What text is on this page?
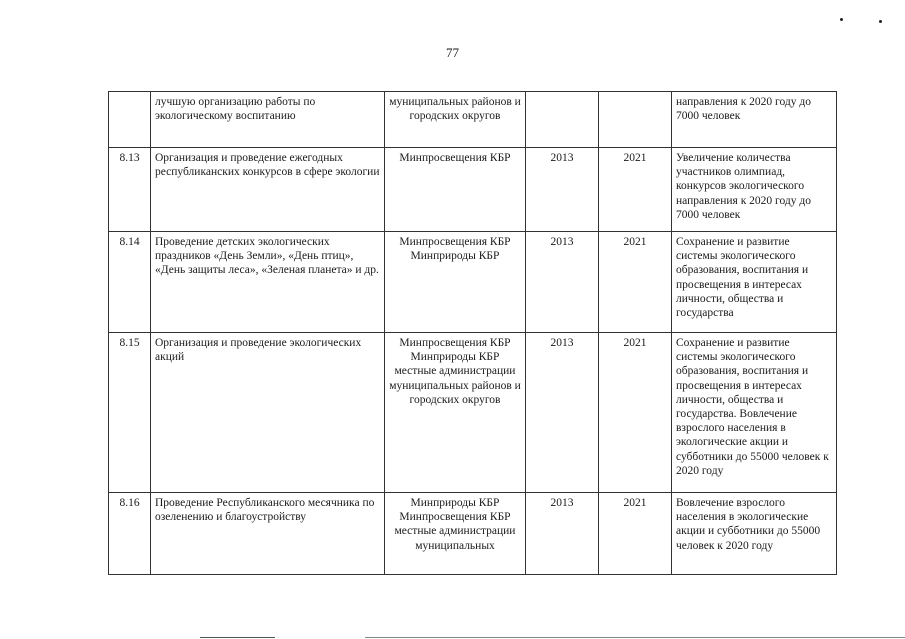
77
	лучшую организацию работы по экологическому воспитанию	муниципальных районов и городских округов			направления к 2020 году до 7000 человек
8.13	Организация и проведение ежегодных республиканских конкурсов в сфере экологии	Минпросвещения КБР	2013	2021	Увеличение количества участников олимпиад, конкурсов экологического направления к 2020 году до 7000 человек
8.14	Проведение детских экологических праздников «День Земли», «День птиц», «День защиты леса», «Зеленая планета» и др.	Минпросвещения КБР Минприроды КБР	2013	2021	Сохранение и развитие системы экологического образования, воспитания и просвещения в интересах личности, общества и государства
8.15	Организация и проведение экологических акций	Минпросвещения КБР Минприроды КБР местные администрации муниципальных районов и городских округов	2013	2021	Сохранение и развитие системы экологического образования, воспитания и просвещения в интересах личности, общества и государства. Вовлечение взрослого населения в экологические акции и субботники до 55000 человек к 2020 году
8.16	Проведение Республиканского месячника по озеленению и благоустройству	Минприроды КБР Минпросвещения КБР местные администрации муниципальных	2013	2021	Вовлечение взрослого населения в экологические акции и субботники до 55000 человек к 2020 году
